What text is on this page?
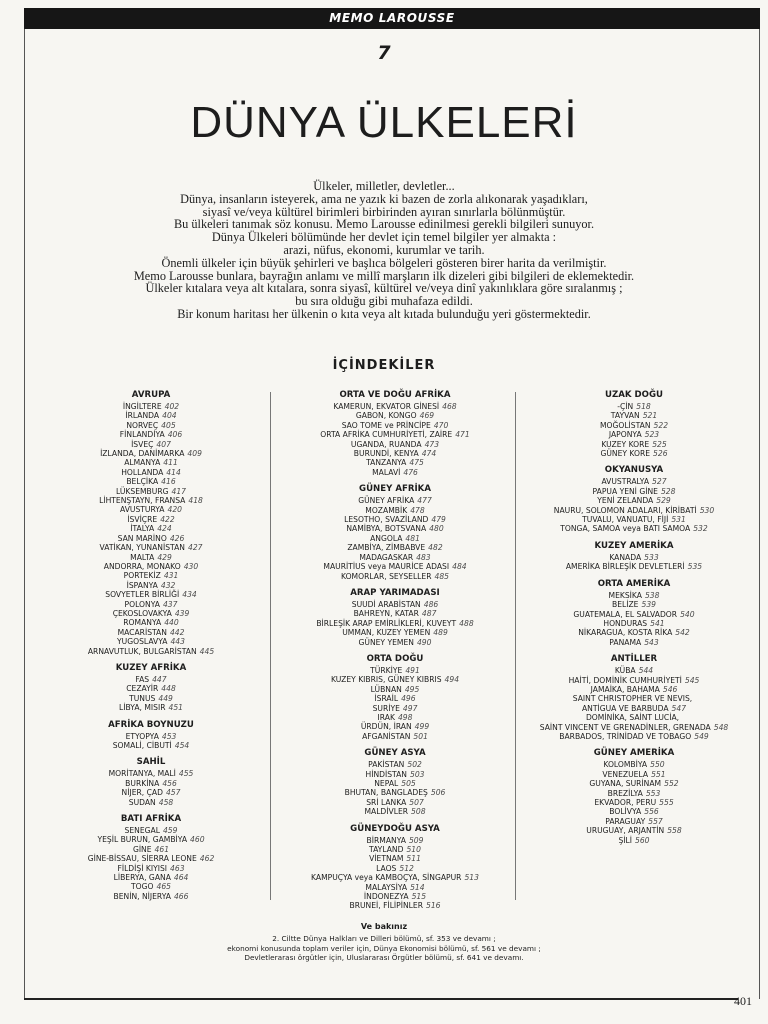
MEMO LAROUSSE
7
DÜNYA ÜLKELERİ
Ülkeler, milletler, devletler...
Dünya, insanların isteyerek, ama ne yazık ki bazen de zorla alıkonarak yaşadıkları,
siyasî ve/veya kültürel birimleri birbirinden ayıran sınırlarla bölünmüştür.
Bu ülkeleri tanımak söz konusu. Memo Larousse edinilmesi gerekli bilgileri sunuyor.
Dünya Ülkeleri bölümünde her devlet için temel bilgiler yer almakta :
arazi, nüfus, ekonomi, kurumlar ve tarih.
Önemli ülkeler için büyük şehirleri ve başlıca bölgeleri gösteren birer harita da verilmiştir.
Memo Larousse bunlara, bayrağın anlamı ve millî marşların ilk dizeleri gibi bilgileri de eklemektedir.
Ülkeler kıtalara veya alt kıtalara, sonra siyasî, kültürel ve/veya dinî yakınlıklara göre sıralanmış ;
bu sıra olduğu gibi muhafaza edildi.
Bir konum haritası her ülkenin o kıta veya alt kıtada bulunduğu yeri göstermektedir.
İÇİNDEKİLER
AVRUPA
İNGİLTERE 402
İRLANDA 404
NORVEÇ 405
FİNLANDİYA 406
İSVEÇ 407
İZLANDA, DANİMARKA 409
ALMANYA 411
HOLLANDA 414
BELÇİKA 416
LÜKSEMBURG 417
LİHTENŞTAYN, FRANSA 418
AVUSTURYA 420
İSVİÇRE 422
İTALYA 424
SAN MARİNO 426
VATİKAN, YUNANİSTAN 427
MALTA 429
ANDORRA, MONAKO 430
PORTEKİZ 431
İSPANYA 432
SOVYETLER BİRLİĞİ 434
POLONYA 437
ÇEKOSLOVAKYA 439
ROMANYA 440
MACARİSTAN 442
YUGOSLAVYA 443
ARNAVUTLUK, BULGARİSTAN 445
KUZEY AFRİKA
FAS 447
CEZAYİR 448
TUNUS 449
LİBYA, MISIR 451
AFRİKA BOYNUZU
ETYOPYA 453
SOMALİ, CİBUTİ 454
SAHİL
MORİTANYA, MALİ 455
BURKİNA 456
NİJER, ÇAD 457
SUDAN 458
BATI AFRİKA
SENEGAL 459
YEŞİL BURUN, GAMBİYA 460
GİNE 461
GİNE-BİSSAU, SİERRA LEONE 462
FİLDİŞİ KIYISI 463
LİBERYA, GANA 464
TOGO 465
BENİN, NİJERYA 466
ORTA VE DOĞU AFRİKA
KAMERUN, EKVATOR GİNESİ 468
GABON, KONGO 469
SAO TOME ve PRİNCİPE 470
ORTA AFRİKA CUMHURİYETİ, ZAİRE 471
UGANDA, RUANDA 473
BURUNDİ, KENYA 474
TANZANYA 475
MALAVİ 476
GÜNEY AFRİKA
GÜNEY AFRİKA 477
MOZAMBİK 478
LESOTHO, SVAZİLAND 479
NAMİBYA, BOTSVANA 480
ANGOLA 481
ZAMBİYA, ZİMBABVE 482
MADAGASKAR 483
MAURİTİUS veya MAURİCE ADASI 484
KOMORLAR, SEYSELLER 485
ARAP YARIMADASI
SUUDİ ARABİSTAN 486
BAHREYN, KATAR 487
BİRLEŞİK ARAP EMİRLİKLERİ, KUVEYT 488
UMMAN, KUZEY YEMEN 489
GÜNEY YEMEN 490
ORTA DOĞU
TÜRKİYE 491
KUZEY KIBRIS, GÜNEY KIBRIS 494
LÜBNAN 495
İSRAİL 496
SURİYE 497
IRAK 498
ÜRDÜN, İRAN 499
AFGANİSTAN 501
GÜNEY ASYA
PAKİSTAN 502
HİNDİSTAN 503
NEPAL 505
BHUTAN, BANGLADEŞ 506
SRİ LANKA 507
MALDİVLER 508
GÜNEYDOĞU ASYA
BİRMANYA 509
TAYLAND 510
VİETNAM 511
LAOS 512
KAMPUÇYA veya KAMBOÇYA, SİNGAPUR 513
MALAYSİYA 514
İNDONEZYA 515
BRUNEİ, FİLİPİNLER 516
UZAK DOĞU
-ÇİN 518
TAYVAN 521
MOĞOLİSTAN 522
JAPONYA 523
KUZEY KORE 525
GÜNEY KORE 526
OKYANUSYA
AVUSTRALYA 527
PAPUA YENİ GİNE 528
YENİ ZELANDA 529
NAURU, SOLOMON ADALARI, KİRİBATİ 530
TUVALU, VANUATU, FİJİ 531
TONGA, SAMOA veya BATI SAMOA 532
KUZEY AMERİKA
KANADA 533
AMERİKA BİRLEŞİK DEVLETLERİ 535
ORTA AMERİKA
MEKSİKA 538
BELİZE 539
GUATEMALA, EL SALVADOR 540
HONDURAS 541
NİKARAGUA, KOSTA RİKA 542
PANAMA 543
ANTİLLER
KÜBA 544
HAİTİ, DOMİNİK CUMHURİYETİ 545
JAMAİKA, BAHAMA 546
SAINT CHRISTOPHER VE NEVIS,
ANTİGUA VE BARBUDA 547
DOMİNİKA, SAİNT LUCİA,
SAİNT VINCENT VE GRENADİNLER, GRENADA 548
BARBADOS, TRİNİDAD VE TOBAGO 549
GÜNEY AMERİKA
KOLOMBİYA 550
VENEZUELA 551
GUYANA, SURİNAM 552
BREZİLYA 553
EKVADOR, PERU 555
BOLİVYA 556
PARAGUAY 557
URUGUAY, ARJANTİN 558
ŞİLİ 560
Ve bakınız
2. Ciltte Dünya Halkları ve Dilleri bölümü, sf. 353 ve devamı ;
ekonomi konusunda toplam veriler için, Dünya Ekonomisi bölümü, sf. 561 ve devamı ;
Devletlerarası örgütler için, Uluslararası Örgütler bölümü, sf. 641 ve devamı.
401
